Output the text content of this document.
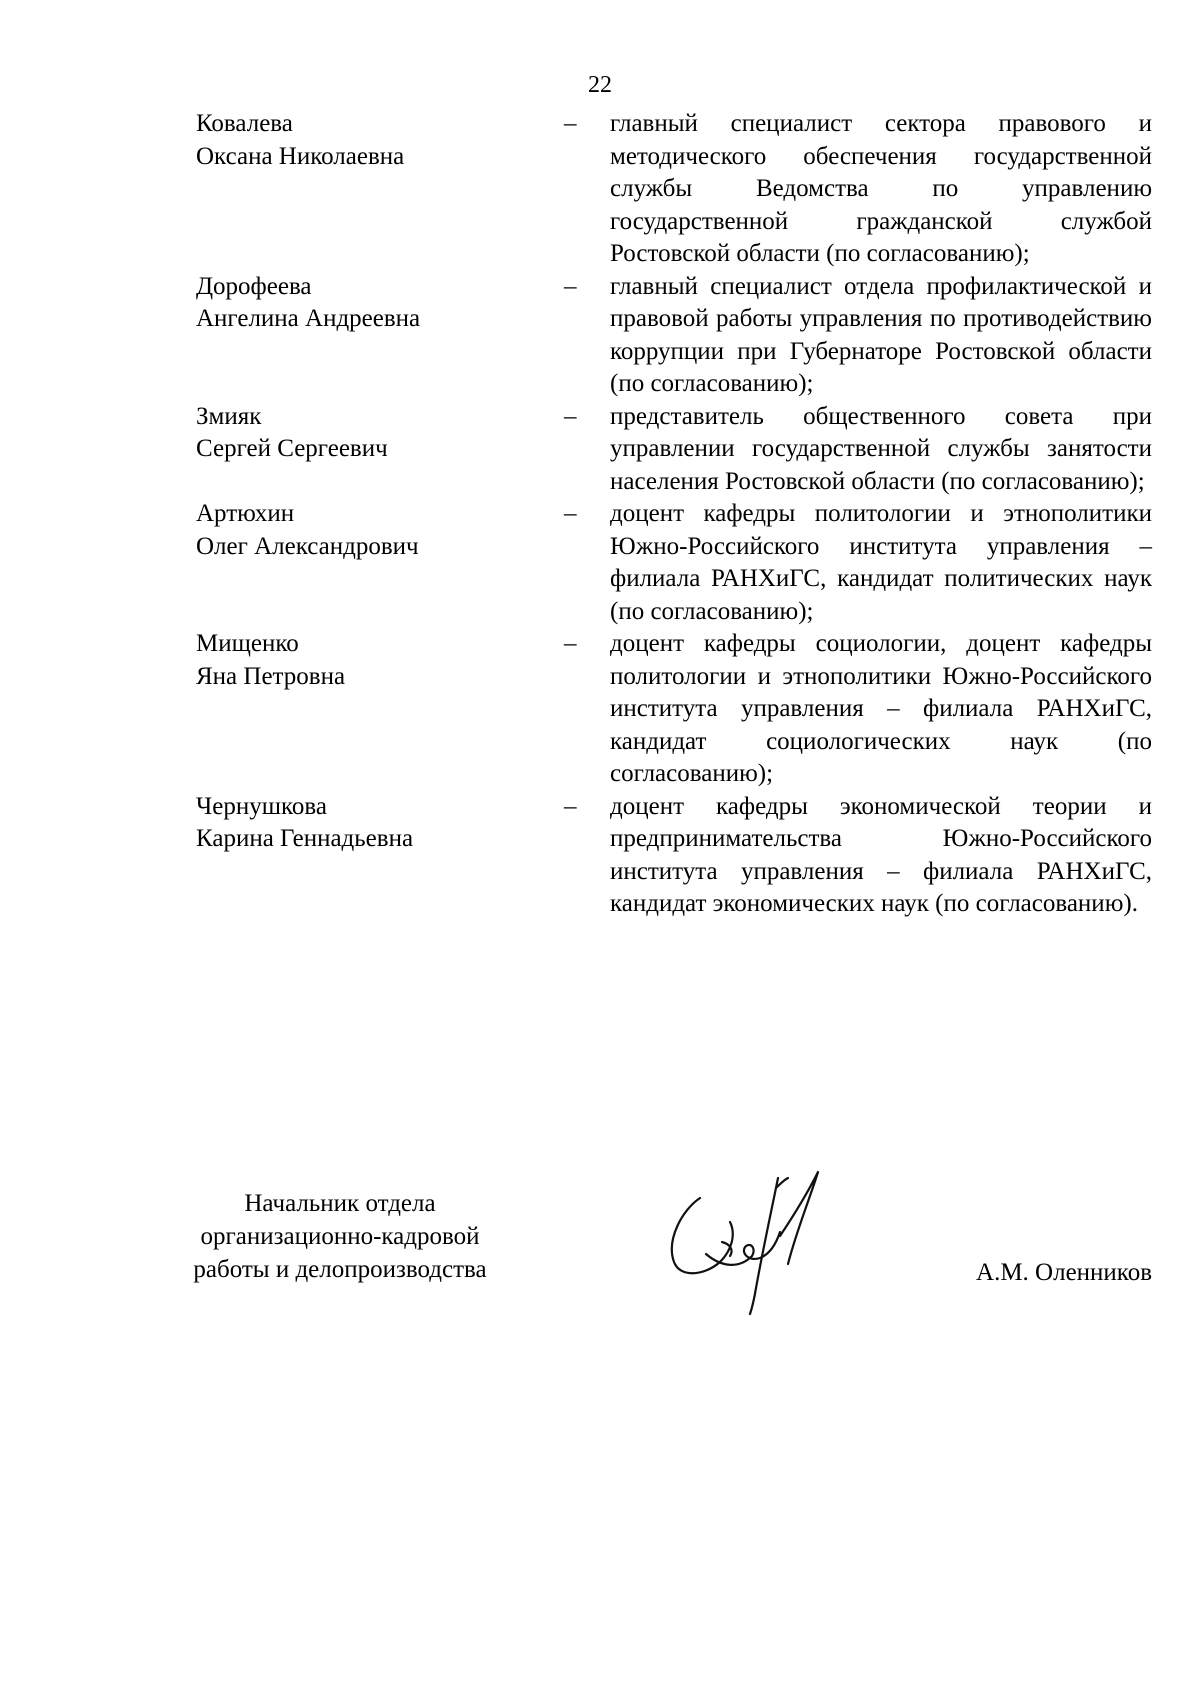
22
Ковалева
Оксана Николаевна
–	главный специалист сектора правового и методического обеспечения государственной службы Ведомства по управлению государственной гражданской службой Ростовской области (по согласованию);
Дорофеева
Ангелина Андреевна
–	главный специалист отдела профилактической и правовой работы управления по противодействию коррупции при Губернаторе Ростовской области (по согласованию);
Змияк
Сергей Сергеевич
–	представитель общественного совета при управлении государственной службы занятости населения Ростовской области (по согласованию);
Артюхин
Олег Александрович
–	доцент кафедры политологии и этнополитики Южно-Российского института управления – филиала РАНХиГС, кандидат политических наук (по согласованию);
Мищенко
Яна Петровна
–	доцент кафедры социологии, доцент кафедры политологии и этнополитики Южно-Российского института управления – филиала РАНХиГС, кандидат социологических наук (по согласованию);
Чернушкова
Карина Геннадьевна
–	доцент кафедры экономической теории и предпринимательства Южно-Российского института управления – филиала РАНХиГС, кандидат экономических наук (по согласованию).
Начальник отдела
организационно-кадровой
работы и делопроизводства	А.М. Оленников
